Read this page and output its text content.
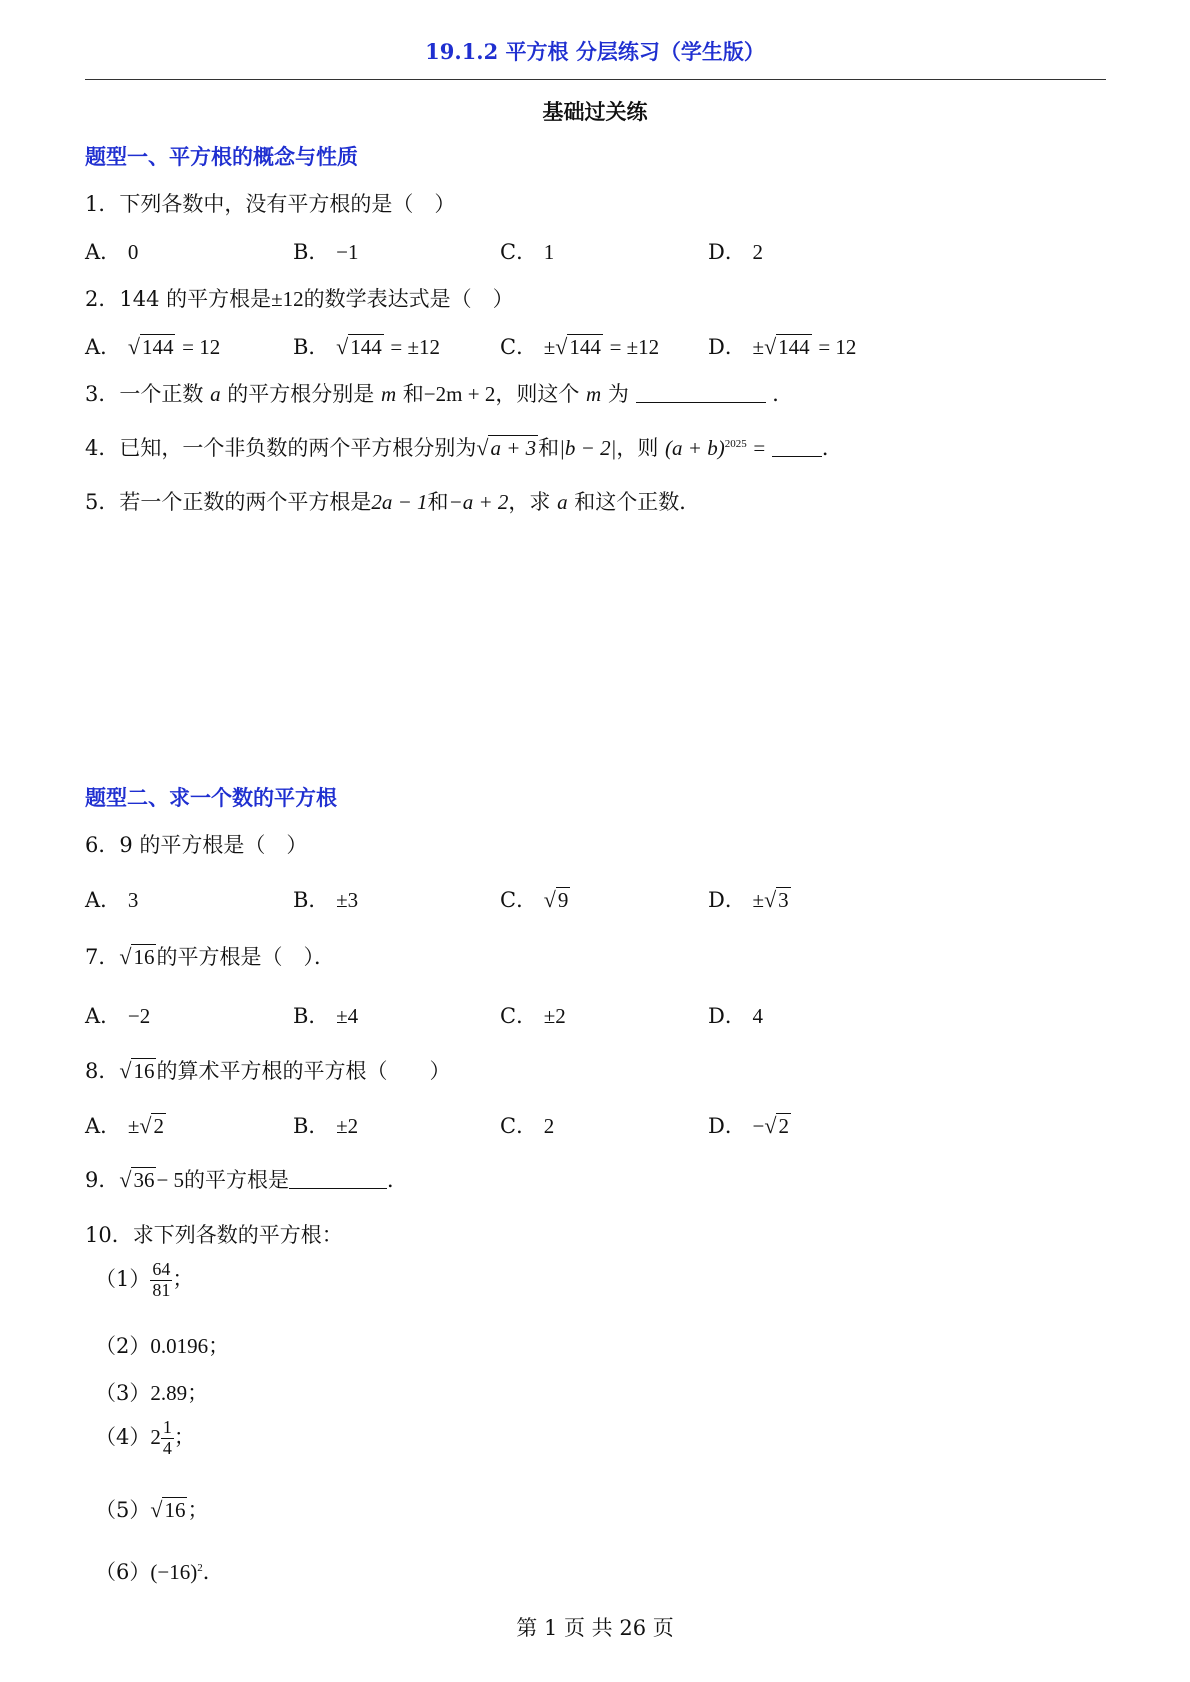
19.1.2 平方根 分层练习（学生版）
基础过关练
题型一、平方根的概念与性质
1．下列各数中，没有平方根的是（　）
A． 0	B． −1	C． 1	D． 2
2．144 的平方根是±12的数学表达式是（　）
A． √144 = 12	B． √144 = ±12	C． ±√144 = ±12 D． ±√144 = 12
3．一个正数 a 的平方根分别是 m 和−2m + 2，则这个 m 为	．
4．已知，一个非负数的两个平方根分别为√a + 3和|b − 2|，则 $(a + b)^{2025}$ =	．
5．若一个正数的两个平方根是2a − 1和−a + 2，求 a 和这个正数．
题型二、求一个数的平方根
6．9 的平方根是（　）
A． 3	B． ±3	C． √9	D． ±√3
7．√16的平方根是（　）．
A． −2	B． ±4	C． ±2	D． 4
8．√16的算术平方根的平方根（　　）
A． ±√2	B． ±2	C． 2	D． −√2
9．√36− 5的平方根是	．
10．求下列各数的平方根：
$(1) \frac{64}{81}$ ；
（2）0.0196；
（3）2.89；
$(4)2 \frac{1}{4}$ ；
（5）√16；
$(6)(-16)^2$．
第 1 页 共 26 页
